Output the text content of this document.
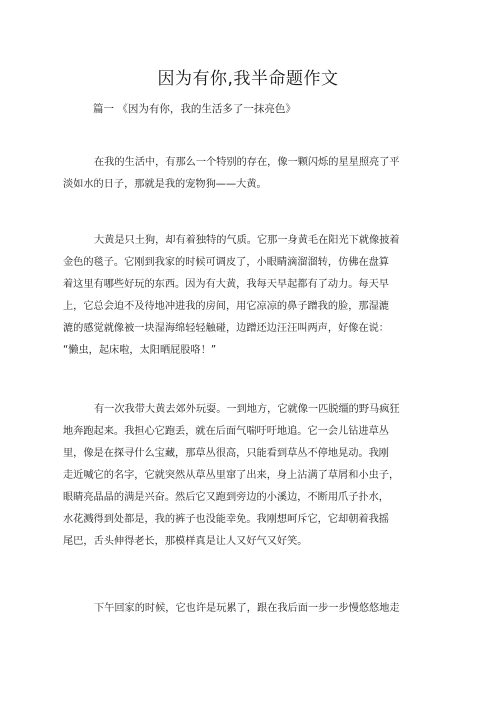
因为有你,我半命题作文
篇一 《因为有你，我的生活多了一抹亮色》
在我的生活中，有那么一个特别的存在，像一颗闪烁的星星照亮了平
淡如水的日子，那就是我的宠物狗——大黄。
大黄是只土狗，却有着独特的气质。它那一身黄毛在阳光下就像披着
金色的毯子。它刚到我家的时候可调皮了，小眼睛滴溜溜转，仿佛在盘算
着这里有哪些好玩的东西。因为有大黄，我每天早起都有了动力。每天早
上，它总会迫不及待地冲进我的房间，用它凉凉的鼻子蹭我的脸，那湿漉
漉的感觉就像被一块湿海绵轻轻触碰，边蹭还边汪汪叫两声，好像在说：
“懒虫，起床啦，太阳晒屁股咯！”
有一次我带大黄去郊外玩耍。一到地方，它就像一匹脱缰的野马疯狂
地奔跑起来。我担心它跑丢，就在后面气喘吁吁地追。它一会儿钻进草丛
里，像是在探寻什么宝藏，那草丛很高，只能看到草丛不停地晃动。我刚
走近喊它的名字，它就突然从草丛里窜了出来，身上沾满了草屑和小虫子，
眼睛亮晶晶的满是兴奋。然后它又跑到旁边的小溪边，不断用爪子扑水，
水花溅得到处都是，我的裤子也没能幸免。我刚想呵斥它，它却朝着我摇
尾巴，舌头伸得老长，那模样真是让人又好气又好笑。
下午回家的时候，它也许是玩累了，跟在我后面一步一步慢悠悠地走
